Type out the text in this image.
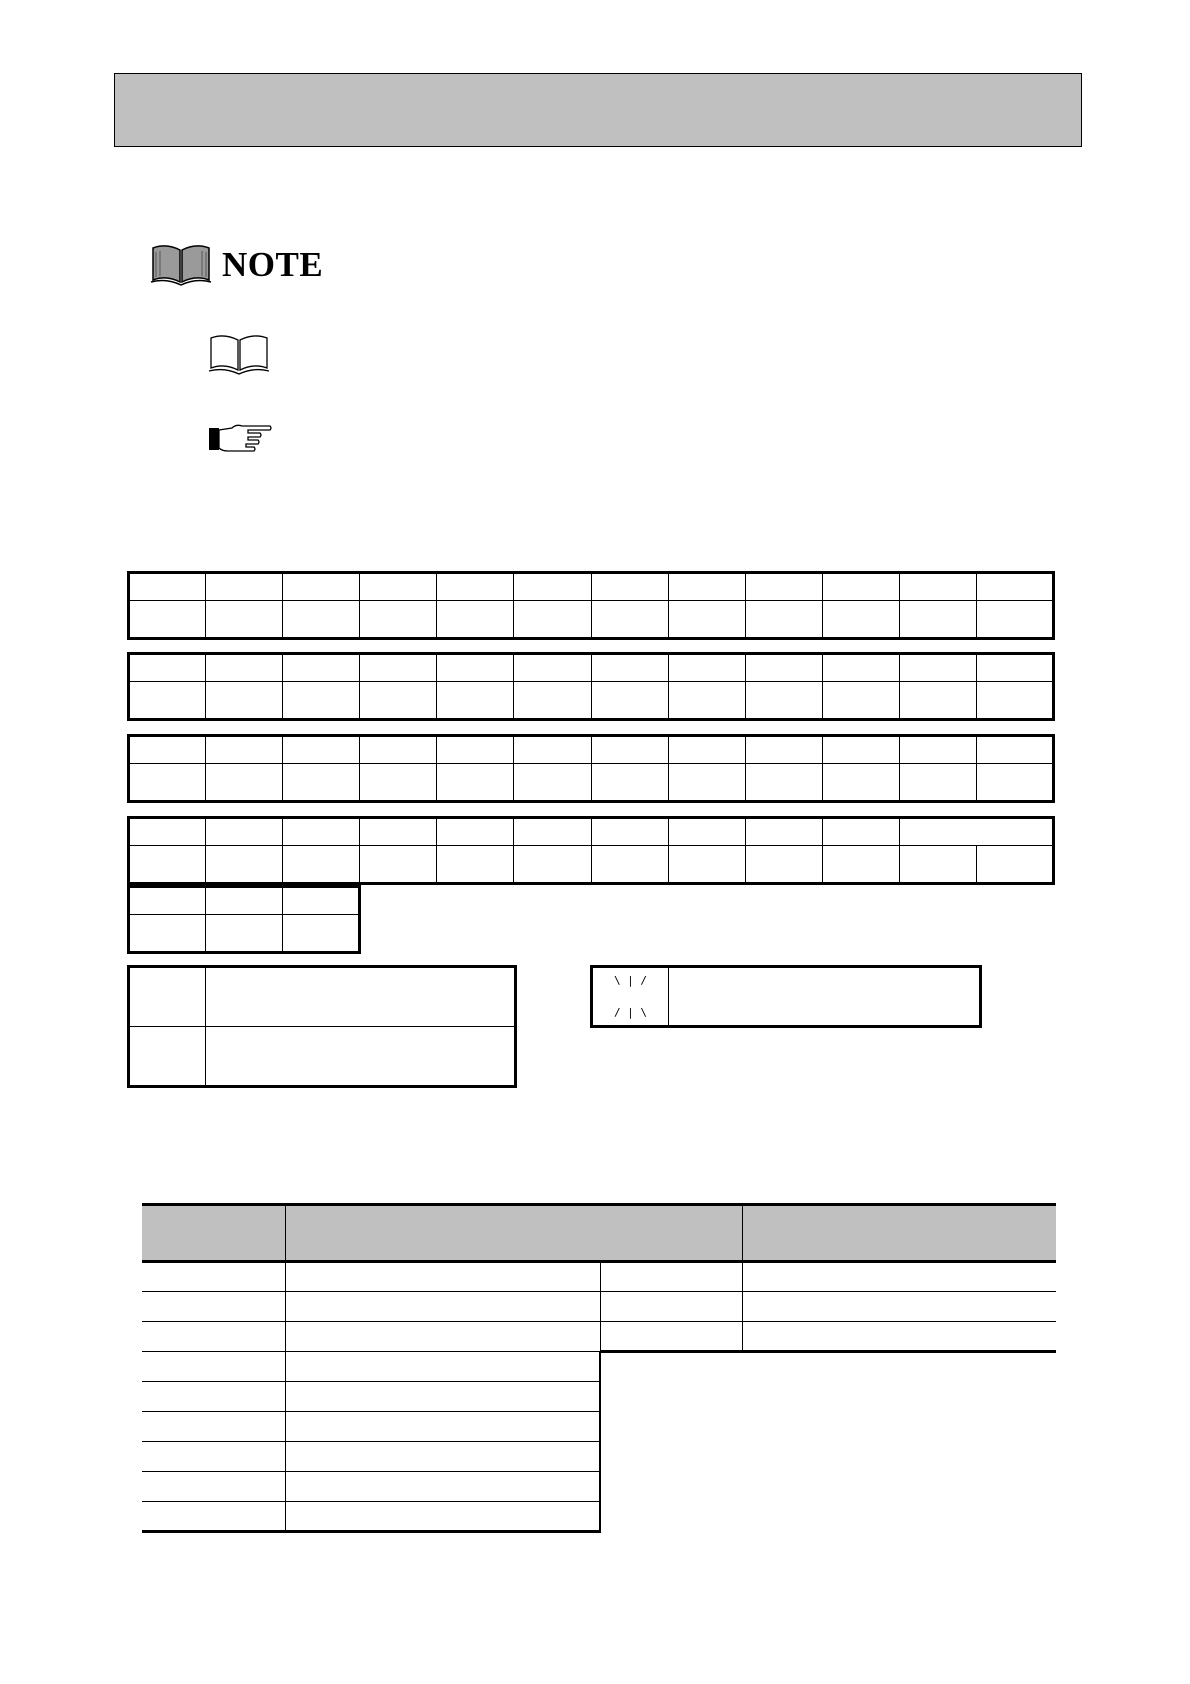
NOTE

\ | /
/ | \
